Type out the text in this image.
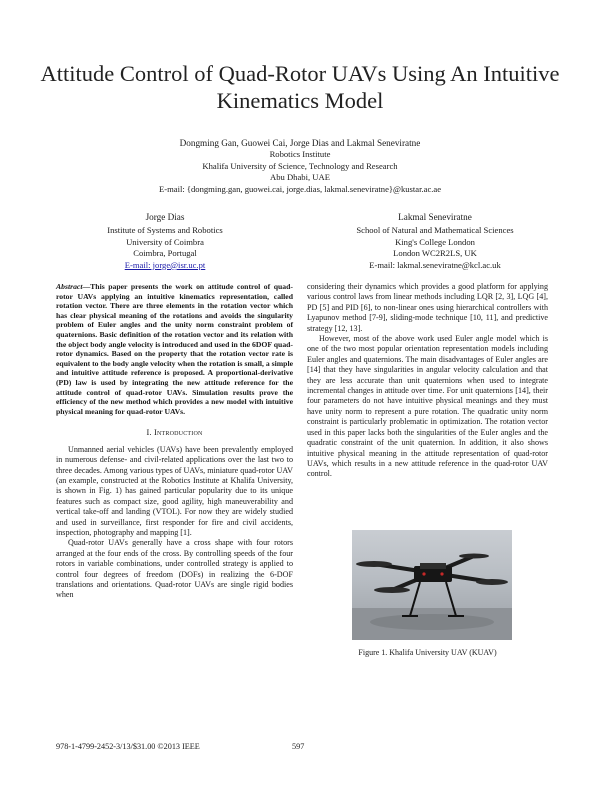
Attitude Control of Quad-Rotor UAVs Using An Intuitive Kinematics Model
Dongming Gan, Guowei Cai, Jorge Dias and Lakmal Seneviratne
Robotics Institute
Khalifa University of Science, Technology and Research
Abu Dhabi, UAE
E-mail: {dongming.gan, guowei.cai, jorge.dias, lakmal.seneviratne}@kustar.ac.ae
Jorge Dias
Institute of Systems and Robotics
University of Coimbra
Coimbra, Portugal
E-mail: jorge@isr.uc.pt
Lakmal Seneviratne
School of Natural and Mathematical Sciences
King's College London
London WC2R2LS, UK
E-mail: lakmal.seneviratne@kcl.ac.uk
Abstract—This paper presents the work on attitude control of quad-rotor UAVs applying an intuitive kinematics representation, called rotation vector. There are three elements in the rotation vector which has clear physical meaning of the rotations and avoids the singularity problem of Euler angles and the unity norm constraint problem of quaternions. Basic definition of the rotation vector and its relation with the object body angle velocity is introduced and used in the 6DOF quad-rotor dynamics. Based on the property that the rotation vector rate is equivalent to the body angle velocity when the rotation is small, a simple and intuitive attitude reference is proposed. A proportional-derivative (PD) law is used by integrating the new attitude reference for the attitude control of quad-rotor UAVs. Simulation results prove the efficiency of the new method which provides a new model with intuitive physical meaning for quad-rotor UAVs.
I. Introduction

Unmanned aerial vehicles (UAVs) have been prevalently employed in numerous defense- and civil-related applications over the last two to three decades. Among various types of UAVs, miniature quad-rotor UAV (an example, constructed at the Robotics Institute at Khalifa University, is shown in Fig. 1) has gained particular popularity due to its unique features such as compact size, good agility, high maneuverability and vertical take-off and landing (VTOL). For now they are widely studied and used in surveillance, first responder for fire and civil accidents, inspection, photography and mapping [1].

Quad-rotor UAVs generally have a cross shape with four rotors arranged at the four ends of the cross. By controlling speeds of the four rotors in variable combinations, under controlled strategy is applied to control four degrees of freedom (DOFs) in realizing the 6-DOF translations and orientations. Quad-rotor UAVs are single rigid bodies when

considering their dynamics which provides a good platform for applying various control laws from linear methods including LQR [2, 3], LQG [4], PD [5] and PID [6], to non-linear ones using hierarchical controllers with Lyapunov method [7-9], sliding-mode technique [10, 11], and predictive strategy [12, 13].

However, most of the above work used Euler angle model which is one of the two most popular orientation representation models including Euler angles and quaternions. The main disadvantages of Euler angles are [14] that they have singularities in angular velocity calculation and that they are less accurate than unit quaternions when used to integrate incremental changes in attitude over time. For unit quaternions [14], their four parameters do not have intuitive physical meanings and they must have unity norm to represent a pure rotation. The quadratic unity norm constraint is particularly problematic in optimization. The rotation vector used in this paper lacks both the singularities of the Euler angles and the quadratic constraint of the unit quaternion. In addition, it also shows intuitive physical meaning in the attitude representation of quad-rotor UAVs, which results in a new attitude reference in the quad-rotor UAV control.

Figure 1. Khalifa University UAV (KUAV)
978-1-4799-2452-3/13/$31.00 ©2013 IEEE	597
